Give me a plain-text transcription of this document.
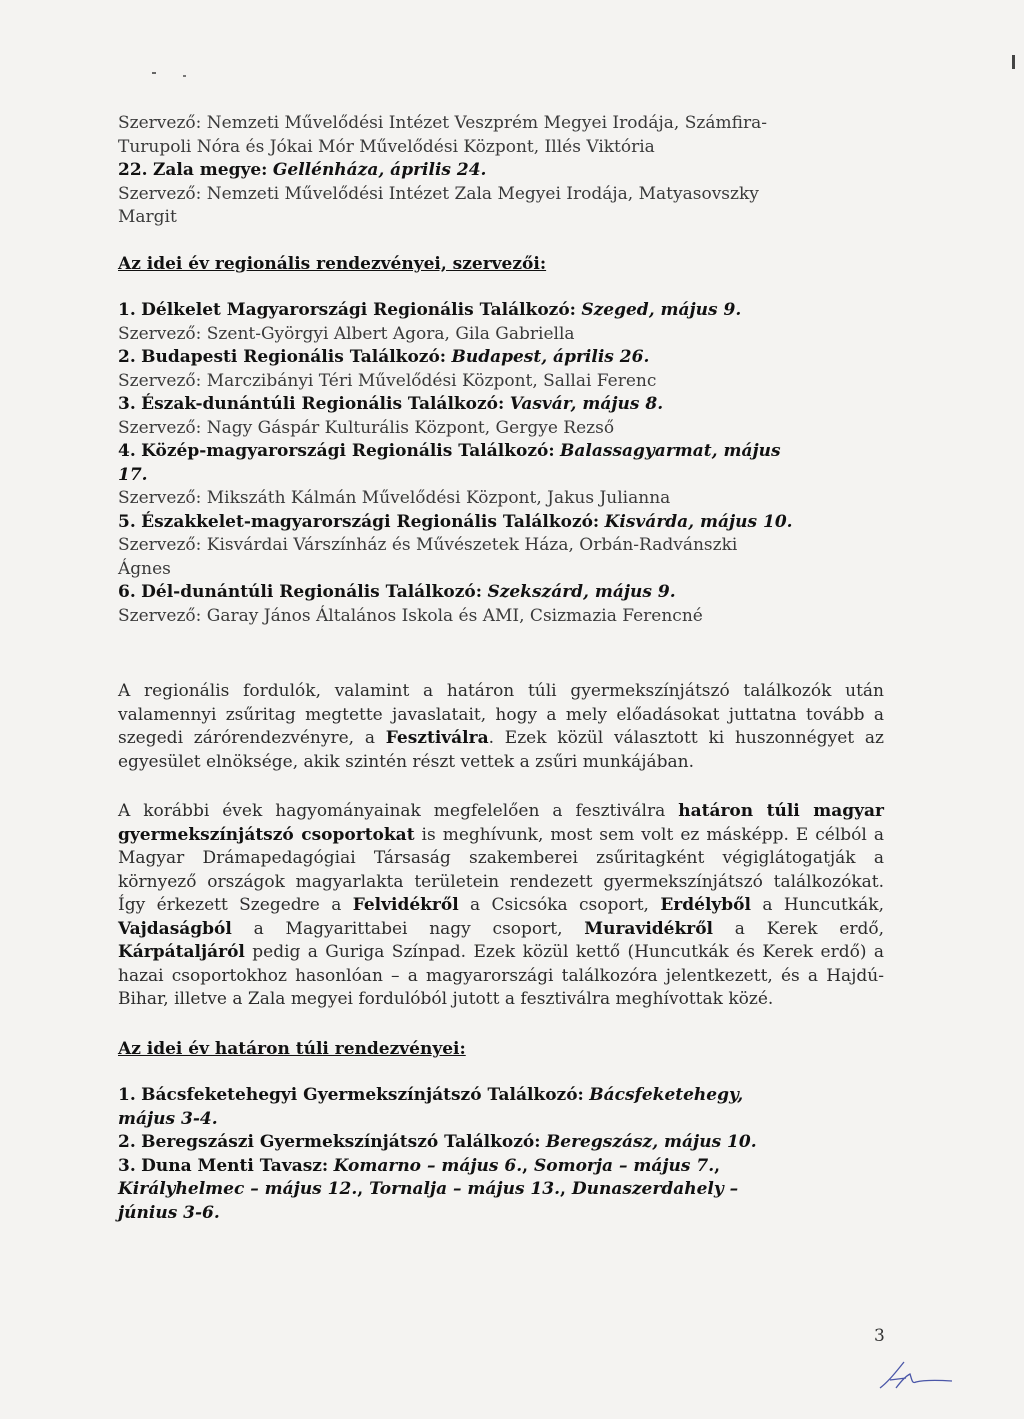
Szervező: Nemzeti Művelődési Intézet Veszprém Megyei Irodája, Számfira-
Turupoli Nóra és Jókai Mór Művelődési Központ, Illés Viktória
22. Zala megye: Gellénháza, április 24.
Szervező: Nemzeti Művelődési Intézet Zala Megyei Irodája, Matyasovszky
Margit
Az idei év regionális rendezvényei, szervezői:
1. Délkelet Magyarországi Regionális Találkozó: Szeged, május 9.
Szervező: Szent-Györgyi Albert Agora, Gila Gabriella
2. Budapesti Regionális Találkozó: Budapest, április 26.
Szervező: Marczibányi Téri Művelődési Központ, Sallai Ferenc
3. Észak-dunántúli Regionális Találkozó: Vasvár, május 8.
Szervező: Nagy Gáspár Kulturális Központ, Gergye Rezső
4. Közép-magyarországi Regionális Találkozó: Balassagyarmat, május
17.
Szervező: Mikszáth Kálmán Művelődési Központ, Jakus Julianna
5. Északkelet-magyarországi Regionális Találkozó: Kisvárda, május 10.
Szervező: Kisvárdai Várszínház és Művészetek Háza, Orbán-Radvánszki
Ágnes
6. Dél-dunántúli Regionális Találkozó: Szekszárd, május 9.
Szervező: Garay János Általános Iskola és AMI, Csizmazia Ferencné

A regionális fordulók, valamint a határon túli gyermekszínjátszó találkozók után valamennyi zsűritag megtette javaslatait, hogy a mely előadásokat juttatna tovább a szegedi zárórendezvényre, a Fesztiválra. Ezek közül választott ki huszonnégyet az egyesület elnöksége, akik szintén részt vettek a zsűri munkájában.

A korábbi évek hagyományainak megfelelően a fesztiválra határon túli magyar gyermekszínjátszó csoportokat is meghívunk, most sem volt ez másképp. E célból a Magyar Drámapedagógiai Társaság szakemberei zsűritagként végiglátogatják a környező országok magyarlakta területein rendezett gyermekszínjátszó találkozókat. Így érkezett Szegedre a Felvidékről a Csicsóka csoport, Erdélyből a Huncutkák, Vajdaságból a Magyarittabei nagy csoport, Muravidékről a Kerek erdő, Kárpátaljáról pedig a Guriga Színpad. Ezek közül kettő (Huncutkák és Kerek erdő) a hazai csoportokhoz hasonlóan – a magyarországi találkozóra jelentkezett, és a Hajdú-Bihar, illetve a Zala megyei fordulóból jutott a fesztiválra meghívottak közé.

Az idei év határon túli rendezvényei:
1. Bácsfeketehegyi Gyermekszínjátszó Találkozó: Bácsfeketehegy,
május 3-4.
2. Beregszászi Gyermekszínjátszó Találkozó: Beregszász, május 10.
3. Duna Menti Tavasz: Komarno – május 6., Somorja – május 7.,
Királyhelmec – május 12., Tornalja – május 13., Dunaszerdahely –
június 3-6.
3
